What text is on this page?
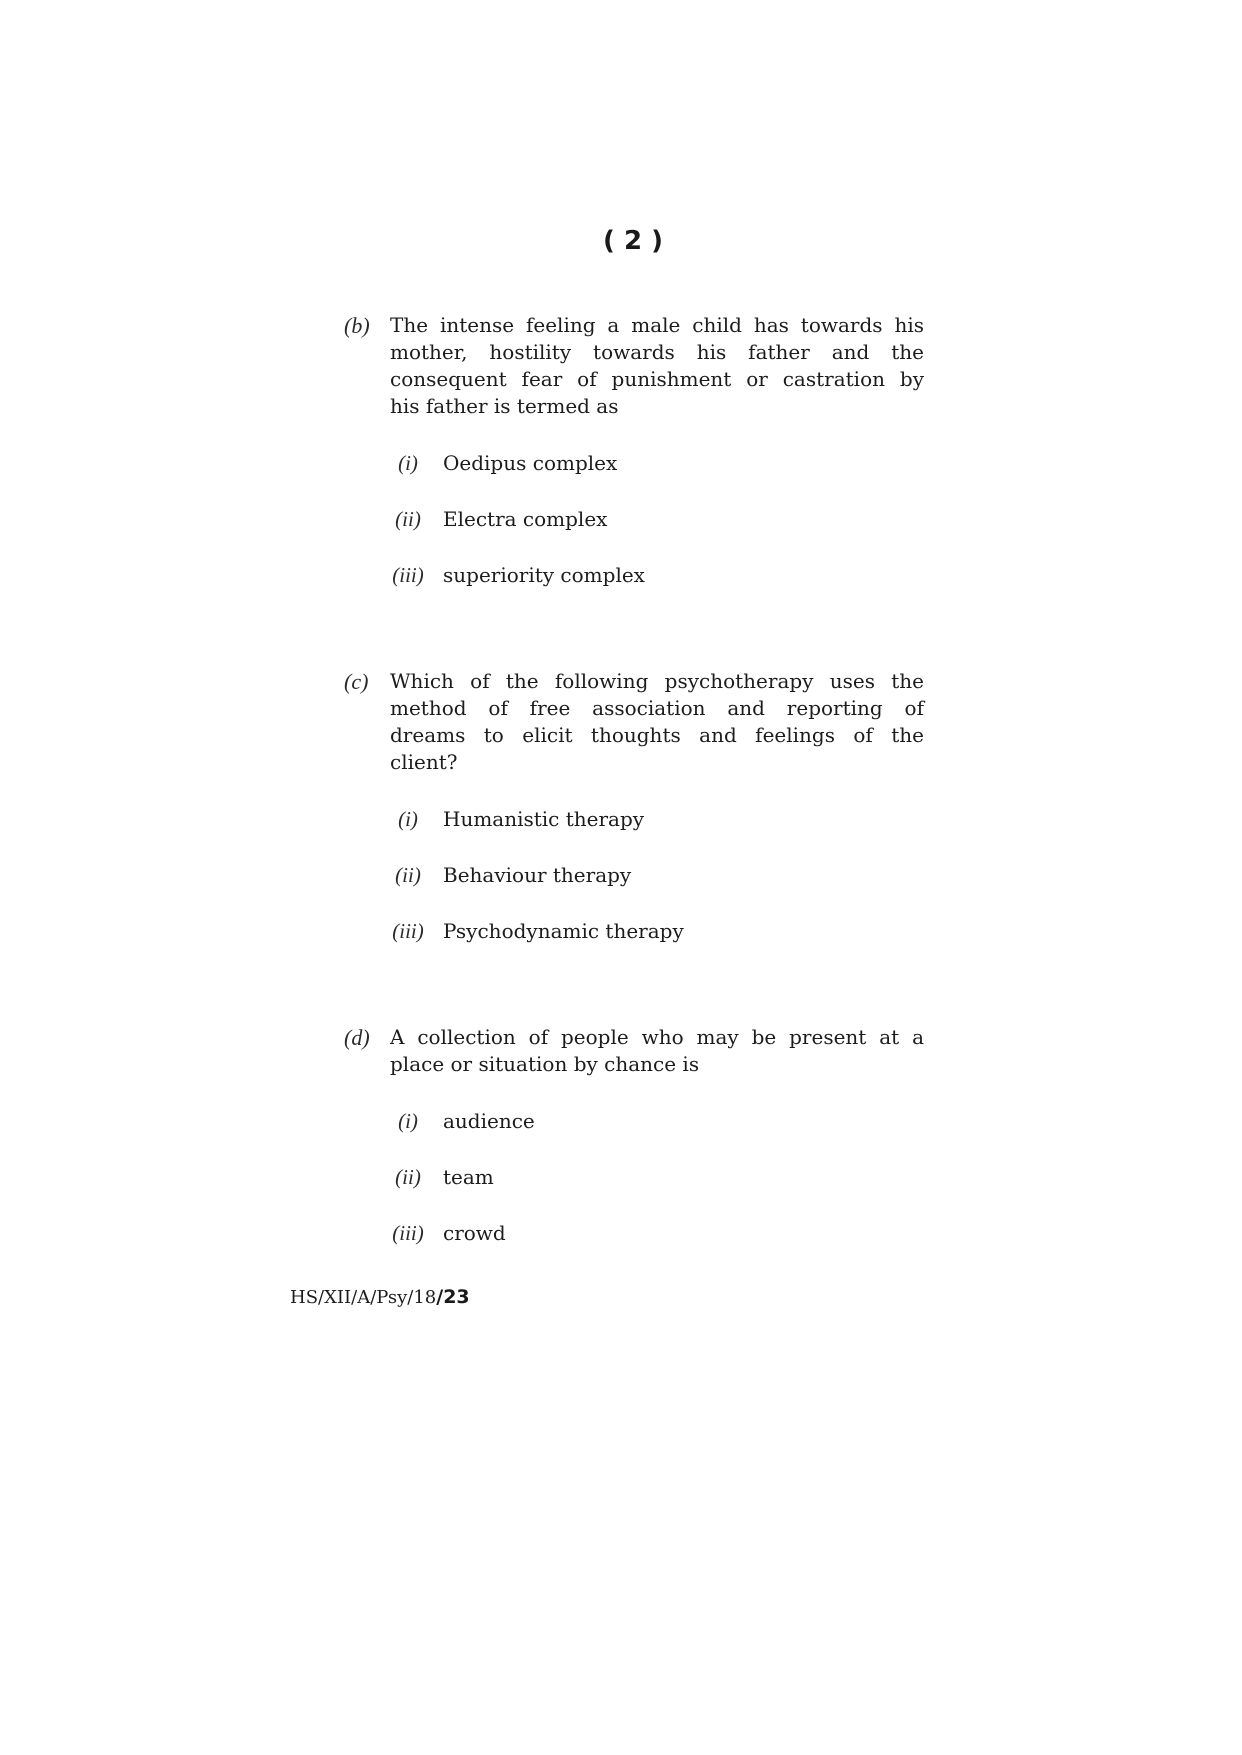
( 2 )
(b)	The intense feeling a male child has towards his
mother, hostility towards his father and the
consequent fear of punishment or castration by
his father is termed as
(i)	Oedipus complex
(ii) Electra complex
(iii) superiority complex
(c)	Which of the following psychotherapy uses the
method of free association and reporting of
dreams to elicit thoughts and feelings of the
client?
(i)	Humanistic therapy
(ii) Behaviour therapy
(iii) Psychodynamic therapy
(d)	A collection of people who may be present at a
place or situation by chance is
(i)	audience
(ii) team
(iii) crowd
HS/XII/A/Psy/18/23
